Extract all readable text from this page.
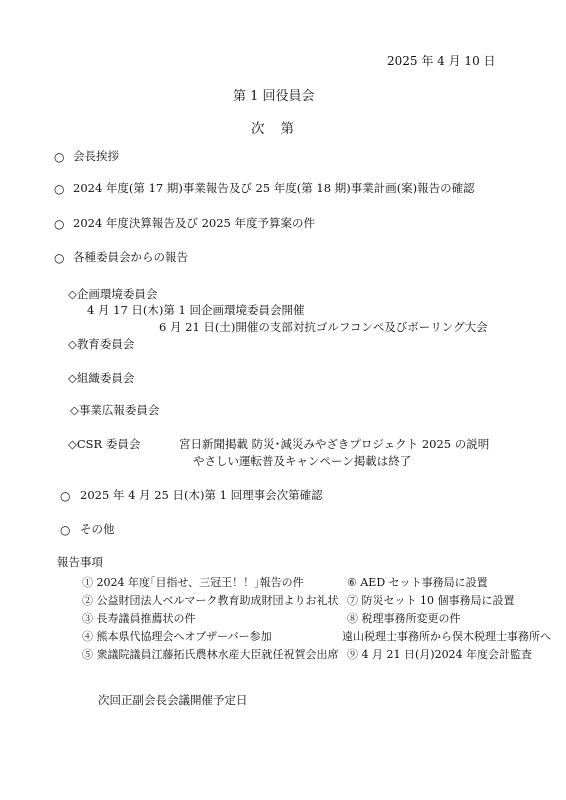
2025 年 4 月 10 日
第 1 回役員会
次第
○ 会長挨拶
○ 2024 年度(第 17 期)事業報告及び 25 年度(第 18 期)事業計画(案)報告の確認
○ 2024 年度決算報告及び 2025 年度予算案の件
○ 各種委員会からの報告
◇企画環境委員会
4 月 17 日(木)第 1 回企画環境委員会開催
6 月 21 日(土)開催の支部対抗ゴルフコンペ及びボーリング大会
◇教育委員会
◇組織委員会
◇事業広報委員会
◇CSR 委員会	宮日新聞掲載 防災･減災みやざきプロジェクト 2025 の説明
やさしい運転普及キャンペーン掲載は終了
○ 2025 年 4 月 25 日(木)第 1 回理事会次第確認
○ その他
報告事項
① 2024 年度｢目指せ、三冠王！！｣報告の件
② 公益財団法人ベルマーク教育助成財団よりお礼状
③ 長寿議員推薦状の件
④ 熊本県代協理会へオブザーバー参加
⑤ 衆議院議員江藤拓氏農林水産大臣就任祝賀会出席
⑥ AED セット事務局に設置
⑦ 防災セット 10 個事務局に設置
⑧ 税理事務所変更の件
遠山税理士事務所から俣木税理士事務所へ
⑨ 4 月 21 日(月)2024 年度会計監査
次回正副会長会議開催予定日
